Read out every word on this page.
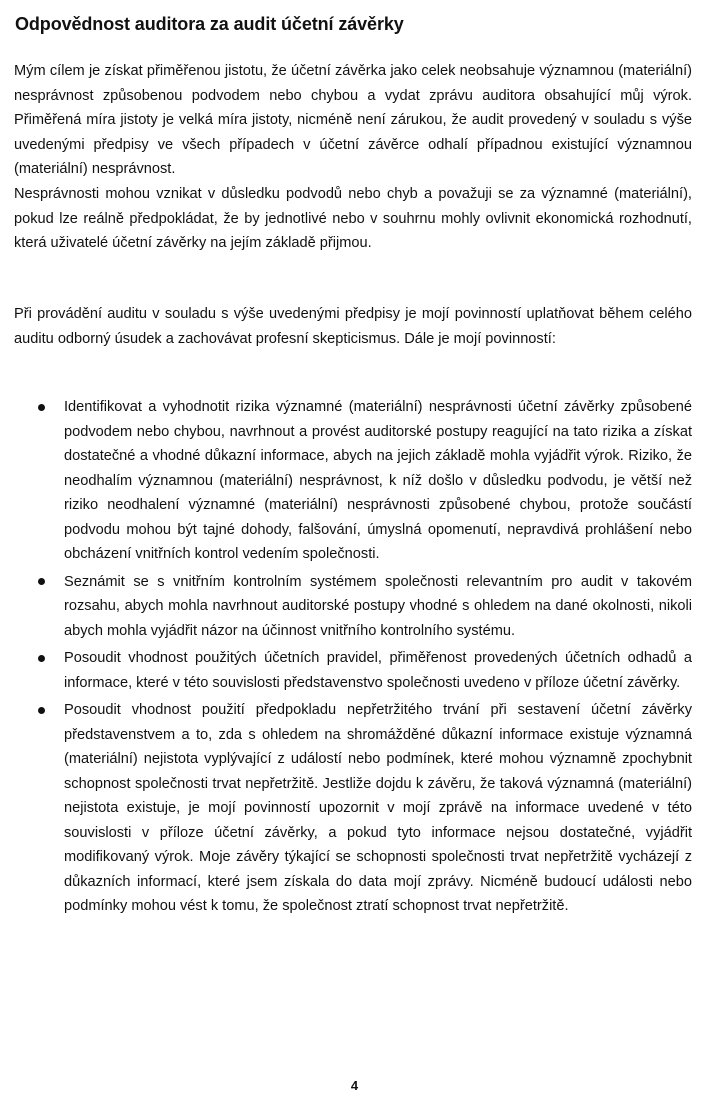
Odpovědnost auditora za audit účetní závěrky

Mým cílem je získat přiměřenou jistotu, že účetní závěrka jako celek neobsahuje významnou (materiální) nesprávnost způsobenou podvodem nebo chybou a vydat zprávu auditora obsahující můj výrok. Přiměřená míra jistoty je velká míra jistoty, nicméně není zárukou, že audit provedený v souladu s výše uvedenými předpisy ve všech případech v účetní závěrce odhalí případnou existující významnou (materiální) nesprávnost.

Nesprávnosti mohou vznikat v důsledku podvodů nebo chyb a považuji se za významné (materiální), pokud lze reálně předpokládat, že by jednotlivé nebo v souhrnu mohly ovlivnit ekonomická rozhodnutí, která uživatelé účetní závěrky na jejím základě přijmou.

Při provádění auditu v souladu s výše uvedenými předpisy je mojí povinností uplatňovat během celého auditu odborný úsudek a zachovávat profesní skepticismus. Dále je mojí povinností:

Identifikovat a vyhodnotit rizika významné (materiální) nesprávnosti účetní závěrky způsobené podvodem nebo chybou, navrhnout a provést auditorské postupy reagující na tato rizika a získat dostatečné a vhodné důkazní informace, abych na jejich základě mohla vyjádřit výrok. Riziko, že neodhalím významnou (materiální) nesprávnost, k níž došlo v důsledku podvodu, je větší než riziko neodhalení významné (materiální) nesprávnosti způsobené chybou, protože součástí podvodu mohou být tajné dohody, falšování, úmyslná opomenutí, nepravdivá prohlášení nebo obcházení vnitřních kontrol vedením společnosti.
Seznámit se s vnitřním kontrolním systémem společnosti relevantním pro audit v takovém rozsahu, abych mohla navrhnout auditorské postupy vhodné s ohledem na dané okolnosti, nikoli abych mohla vyjádřit názor na účinnost vnitřního kontrolního systému.
Posoudit vhodnost použitých účetních pravidel, přiměřenost provedených účetních odhadů a informace, které v této souvislosti představenstvo společnosti uvedeno v příloze účetní závěrky.
Posoudit vhodnost použití předpokladu nepřetržitého trvání při sestavení účetní závěrky představenstvem a to, zda s ohledem na shromážděné důkazní informace existuje významná (materiální) nejistota vyplývající z událostí nebo podmínek, které mohou významně zpochybnit schopnost společnosti trvat nepřetržitě. Jestliže dojdu k závěru, že taková významná (materiální) nejistota existuje, je mojí povinností upozornit v mojí zprávě na informace uvedené v této souvislosti v příloze účetní závěrky, a pokud tyto informace nejsou dostatečné, vyjádřit modifikovaný výrok. Moje závěry týkající se schopnosti společnosti trvat nepřetržitě vycházejí z důkazních informací, které jsem získala do data mojí zprávy. Nicméně budoucí události nebo podmínky mohou vést k tomu, že společnost ztratí schopnost trvat nepřetržitě.

4
